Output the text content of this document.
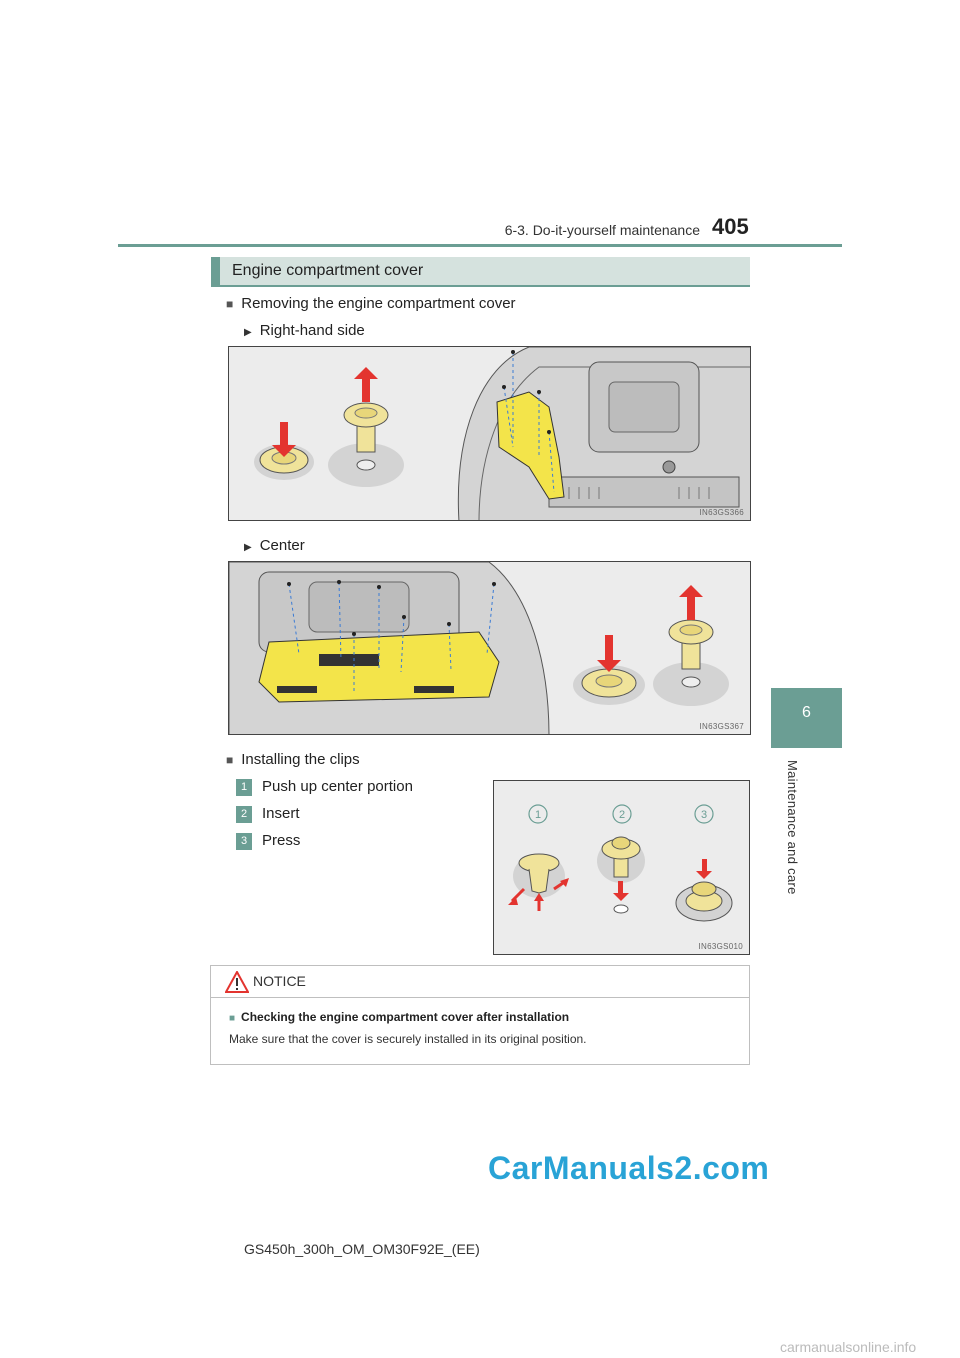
6-3. Do-it-yourself maintenance 405
6
Maintenance and care
Engine compartment cover
■ Removing the engine compartment cover
▶ Right-hand side
IN63GS366
▶ Center
IN63GS367
■ Installing the clips
1 Push up center portion
2 Insert
3 Press
1	2	3
IN63GS010
NOTICE
■ Checking the engine compartment cover after installation
Make sure that the cover is securely installed in its original position.
GS450h_300h_OM_OM30F92E_(EE)
CarManuals2.com
carmanualsonline.info
